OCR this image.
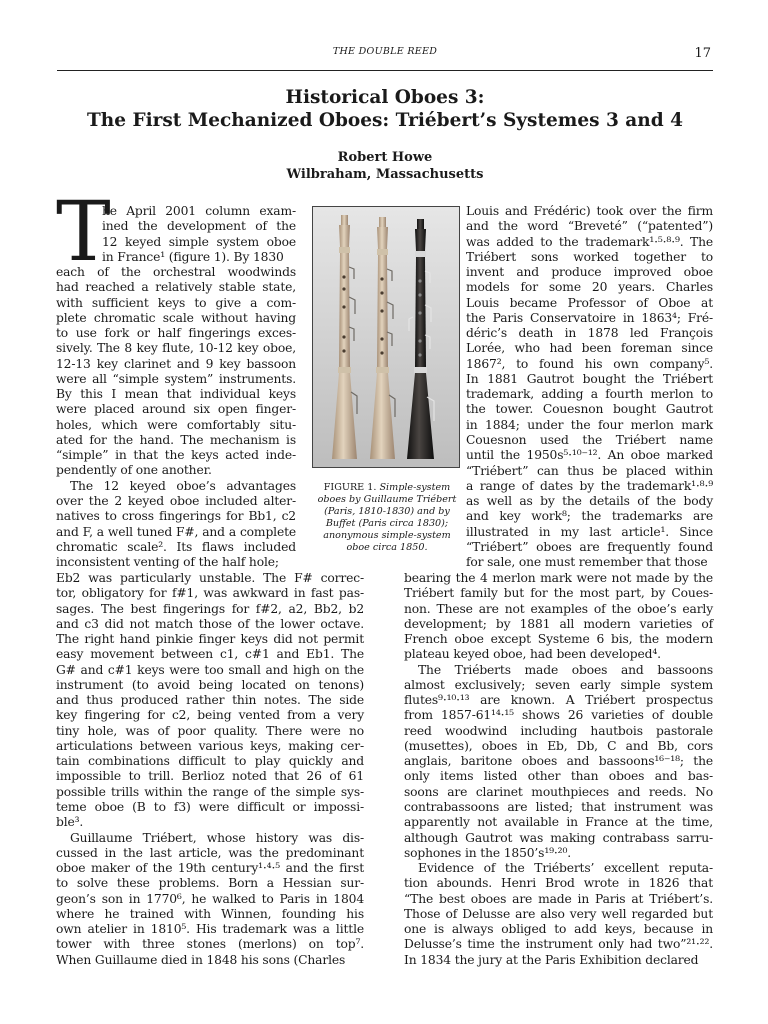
THE DOUBLE REED	17
Historical Oboes 3:
The First Mechanized Oboes: Triébert’s Systemes 3 and 4
Robert Howe
Wilbraham, Massachusetts
T
he April 2001 column exam-
ined the development of the
12 keyed simple system oboe
in France¹ (figure 1). By 1830
each of the orchestral woodwinds
had reached a relatively stable state,
with sufficient keys to give a com-
plete chromatic scale without having
to use fork or half fingerings exces-
sively. The 8 key flute, 10-12 key oboe,
12-13 key clarinet and 9 key bassoon
were all “simple system” instruments.
By this I mean that individual keys
were placed around six open finger-
holes, which were comfortably situ-
ated for the hand. The mechanism is
“simple” in that the keys acted inde-
pendently of one another.
The 12 keyed oboe’s advantages
over the 2 keyed oboe included alter-
natives to cross fingerings for Bb1, c2
and F, a well tuned F#, and a complete
chromatic scale². Its flaws included
inconsistent venting of the half hole;
Eb2 was particularly unstable. The F# correc-
tor, obligatory for f#1, was awkward in fast pas-
sages. The best fingerings for f#2, a2, Bb2, b2
and c3 did not match those of the lower octave.
The right hand pinkie finger keys did not permit
easy movement between c1, c#1 and Eb1. The
G# and c#1 keys were too small and high on the
instrument (to avoid being located on tenons)
and thus produced rather thin notes. The side
key fingering for c2, being vented from a very
tiny hole, was of poor quality. There were no
articulations between various keys, making cer-
tain combinations difficult to play quickly and
impossible to trill. Berlioz noted that 26 of 61
possible trills within the range of the simple sys-
teme oboe (B to f3) were difficult or impossi-
ble³.
Guillaume Triébert, whose history was dis-
cussed in the last article, was the predominant
oboe maker of the 19th century¹·⁴·⁵ and the first
to solve these problems. Born a Hessian sur-
geon’s son in 1770⁶, he walked to Paris in 1804
where he trained with Winnen, founding his
own atelier in 1810⁵. His trademark was a little
tower with three stones (merlons) on top⁷.
When Guillaume died in 1848 his sons (Charles
Louis and Frédéric) took over the firm
and the word “Breveté” (“patented”)
was added to the trademark¹·⁵·⁸·⁹. The
Triébert sons worked together to
invent and produce improved oboe
models for some 20 years. Charles
Louis became Professor of Oboe at
the Paris Conservatoire in 1863⁴; Fré-
déric’s death in 1878 led François
Lorée, who had been foreman since
1867², to found his own company⁵.
In 1881 Gautrot bought the Triébert
trademark, adding a fourth merlon to
the tower. Couesnon bought Gautrot
in 1884; under the four merlon mark
Couesnon used the Triébert name
until the 1950s⁵·¹⁰⁻¹². An oboe marked
“Triébert” can thus be placed within
a range of dates by the trademark¹·⁸·⁹
as well as by the details of the body
and key work⁸; the trademarks are
illustrated in my last article¹. Since
“Triébert” oboes are frequently found
for sale, one must remember that those
bearing the 4 merlon mark were not made by the
Triébert family but for the most part, by Coues-
non. These are not examples of the oboe’s early
development; by 1881 all modern varieties of
French oboe except Systeme 6 bis, the modern
plateau keyed oboe, had been developed⁴.
The Triéberts made oboes and bassoons
almost exclusively; seven early simple system
flutes⁹·¹⁰·¹³ are known. A Triébert prospectus
from 1857-61¹⁴·¹⁵ shows 26 varieties of double
reed woodwind including hautbois pastorale
(musettes), oboes in Eb, Db, C and Bb, cors
anglais, baritone oboes and bassoons¹⁶⁻¹⁸; the
only items listed other than oboes and bas-
soons are clarinet mouthpieces and reeds. No
contrabassoons are listed; that instrument was
apparently not available in France at the time,
although Gautrot was making contrabass sarru-
sophones in the 1850’s¹⁹·²⁰.
Evidence of the Triéberts’ excellent reputa-
tion abounds. Henri Brod wrote in 1826 that
“The best oboes are made in Paris at Triébert’s.
Those of Delusse are also very well regarded but
one is always obliged to add keys, because in
Delusse’s time the instrument only had two”²¹·²².
In 1834 the jury at the Paris Exhibition declared
FIGURE 1. Simple-system
oboes by Guillaume Triébert
(Paris, 1810-1830) and by
Buffet (Paris circa 1830);
anonymous simple-system
oboe circa 1850.
